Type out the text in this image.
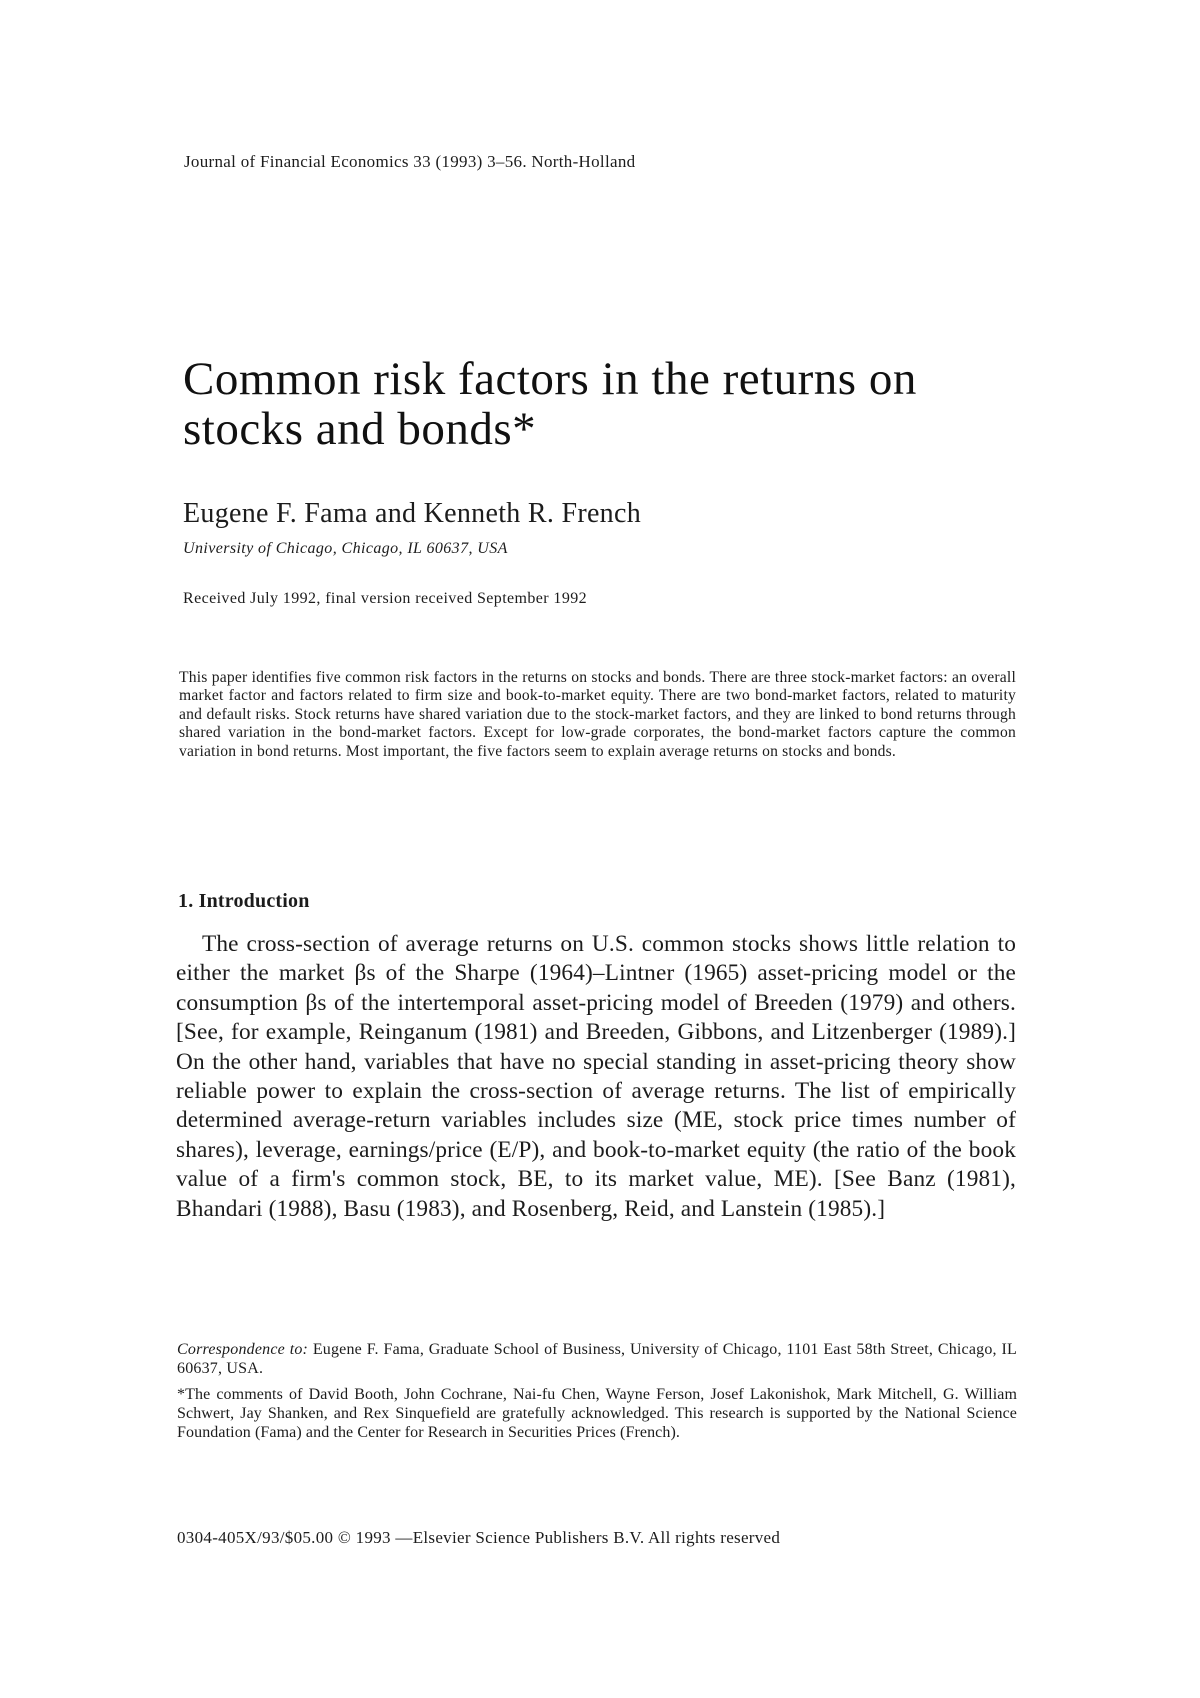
Journal of Financial Economics 33 (1993) 3–56. North-Holland
Common risk factors in the returns on stocks and bonds*
Eugene F. Fama and Kenneth R. French
University of Chicago, Chicago, IL 60637, USA
Received July 1992, final version received September 1992

This paper identifies five common risk factors in the returns on stocks and bonds. There are three stock-market factors: an overall market factor and factors related to firm size and book-to-market equity. There are two bond-market factors, related to maturity and default risks. Stock returns have shared variation due to the stock-market factors, and they are linked to bond returns through shared variation in the bond-market factors. Except for low-grade corporates, the bond-market factors capture the common variation in bond returns. Most important, the five factors seem to explain average returns on stocks and bonds.

1. Introduction
The cross-section of average returns on U.S. common stocks shows little relation to either the market βs of the Sharpe (1964)–Lintner (1965) asset-pricing model or the consumption βs of the intertemporal asset-pricing model of Breeden (1979) and others. [See, for example, Reinganum (1981) and Breeden, Gibbons, and Litzenberger (1989).] On the other hand, variables that have no special standing in asset-pricing theory show reliable power to explain the cross-section of average returns. The list of empirically determined average-return variables includes size (ME, stock price times number of shares), leverage, earnings/price (E/P), and book-to-market equity (the ratio of the book value of a firm's common stock, BE, to its market value, ME). [See Banz (1981), Bhandari (1988), Basu (1983), and Rosenberg, Reid, and Lanstein (1985).]

Correspondence to: Eugene F. Fama, Graduate School of Business, University of Chicago, 1101 East 58th Street, Chicago, IL 60637, USA.

*The comments of David Booth, John Cochrane, Nai-fu Chen, Wayne Ferson, Josef Lakonishok, Mark Mitchell, G. William Schwert, Jay Shanken, and Rex Sinquefield are gratefully acknowledged. This research is supported by the National Science Foundation (Fama) and the Center for Research in Securities Prices (French).

0304-405X/93/$05.00 © 1993 —Elsevier Science Publishers B.V. All rights reserved
